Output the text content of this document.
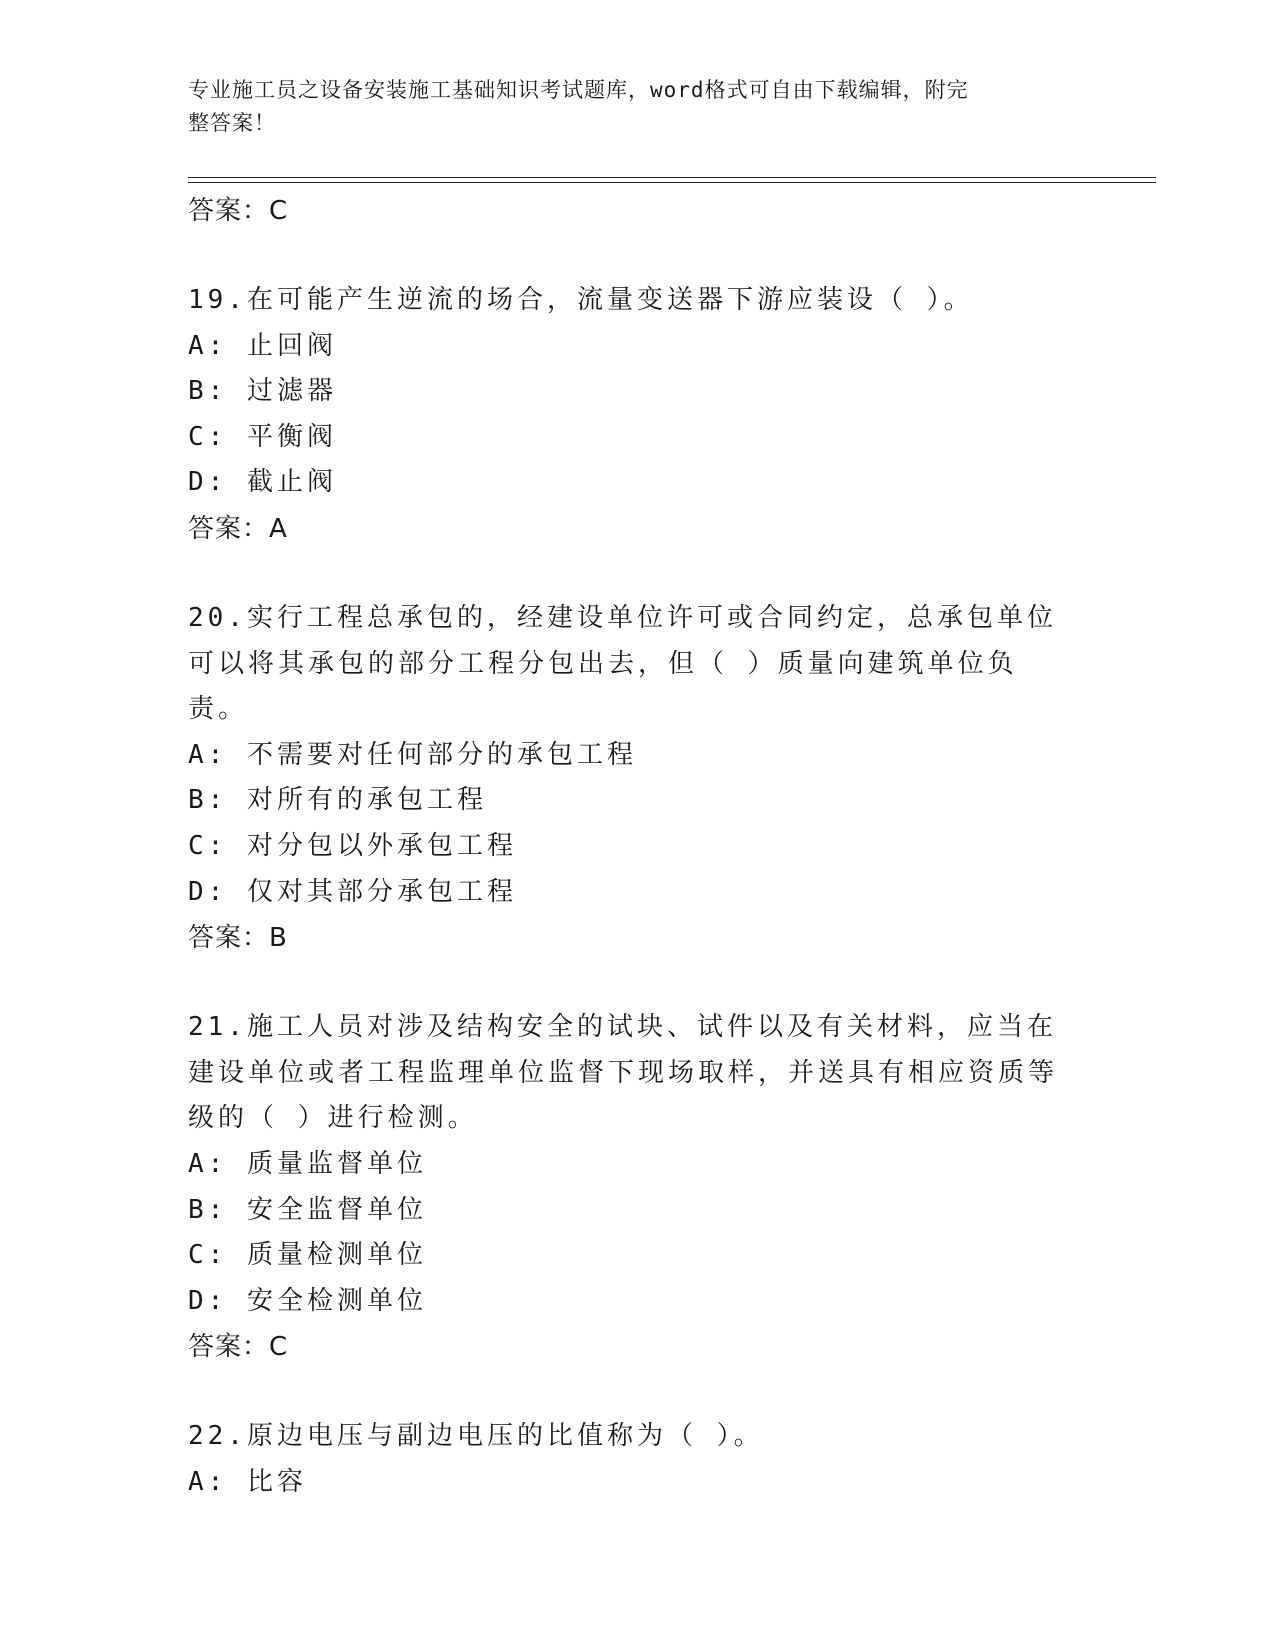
专业施工员之设备安装施工基础知识考试题库，word格式可自由下载编辑，附完
整答案！
答案：C
19.在可能产生逆流的场合，流量变送器下游应装设（ ）。
A: 止回阀
B: 过滤器
C: 平衡阀
D: 截止阀
答案：A
20.实行工程总承包的，经建设单位许可或合同约定，总承包单位可以将其承包的部分工程分包出去，但（ ）质量向建筑单位负责。
A: 不需要对任何部分的承包工程
B: 对所有的承包工程
C: 对分包以外承包工程
D: 仅对其部分承包工程
答案：B
21.施工人员对涉及结构安全的试块、试件以及有关材料，应当在建设单位或者工程监理单位监督下现场取样，并送具有相应资质等级的（ ）进行检测。
A: 质量监督单位
B: 安全监督单位
C: 质量检测单位
D: 安全检测单位
答案：C
22.原边电压与副边电压的比值称为（ ）。
A: 比容
